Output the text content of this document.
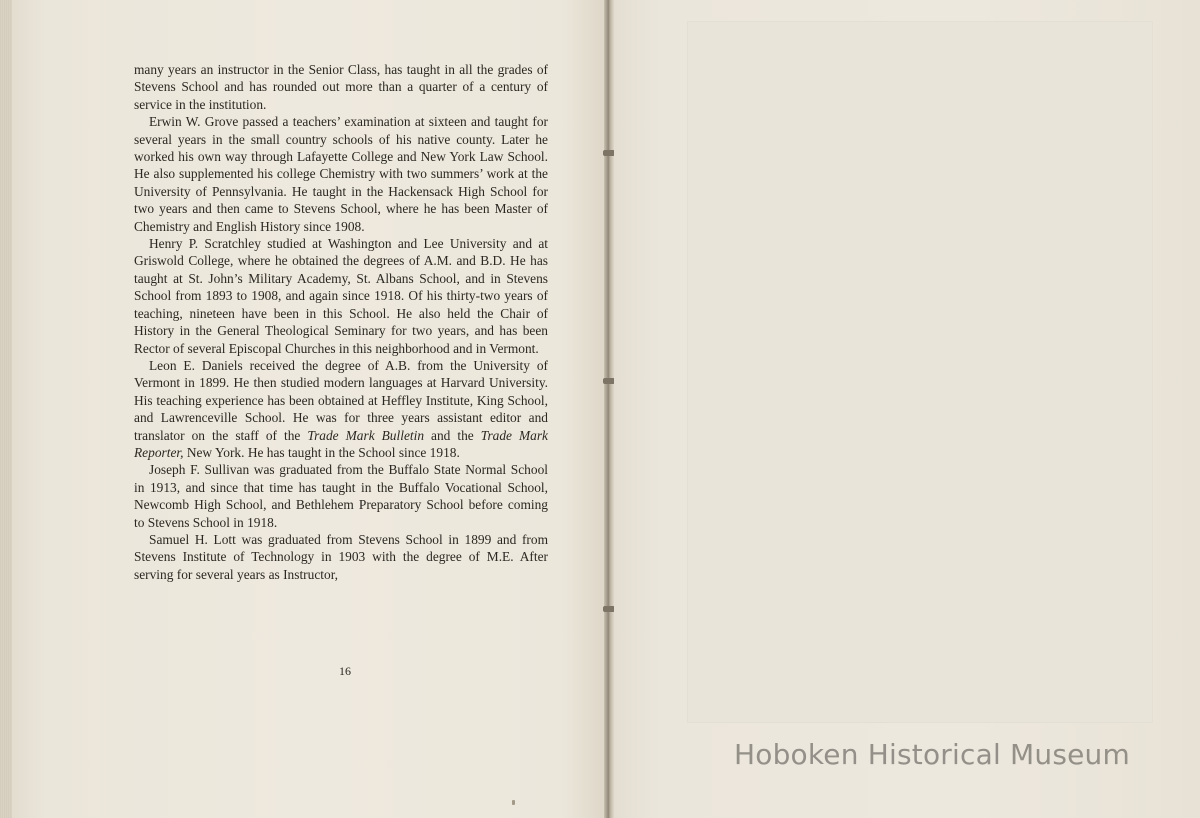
many years an instructor in the Senior Class, has taught in all the grades of Stevens School and has rounded out more than a quarter of a century of service in the institution.

Erwin W. Grove passed a teachers’ examination at sixteen and taught for several years in the small country schools of his native county. Later he worked his own way through Lafayette College and New York Law School. He also supplemented his college Chemistry with two summers’ work at the University of Pennsylvania. He taught in the Hackensack High School for two years and then came to Stevens School, where he has been Master of Chemistry and English History since 1908.

Henry P. Scratchley studied at Washington and Lee University and at Griswold College, where he obtained the degrees of A.M. and B.D. He has taught at St. John’s Military Academy, St. Albans School, and in Stevens School from 1893 to 1908, and again since 1918. Of his thirty-two years of teaching, nineteen have been in this School. He also held the Chair of History in the General Theological Seminary for two years, and has been Rector of several Episcopal Churches in this neighborhood and in Vermont.

Leon E. Daniels received the degree of A.B. from the University of Vermont in 1899. He then studied modern languages at Harvard University. His teaching experience has been obtained at Heffley Institute, King School, and Lawrenceville School. He was for three years assistant editor and translator on the staff of the Trade Mark Bulletin and the Trade Mark Reporter, New York. He has taught in the School since 1918.

Joseph F. Sullivan was graduated from the Buffalo State Normal School in 1913, and since that time has taught in the Buffalo Vocational School, Newcomb High School, and Bethlehem Preparatory School before coming to Stevens School in 1918.

Samuel H. Lott was graduated from Stevens School in 1899 and from Stevens Institute of Technology in 1903 with the degree of M.E. After serving for several years as Instructor,

16
Hoboken Historical Museum
